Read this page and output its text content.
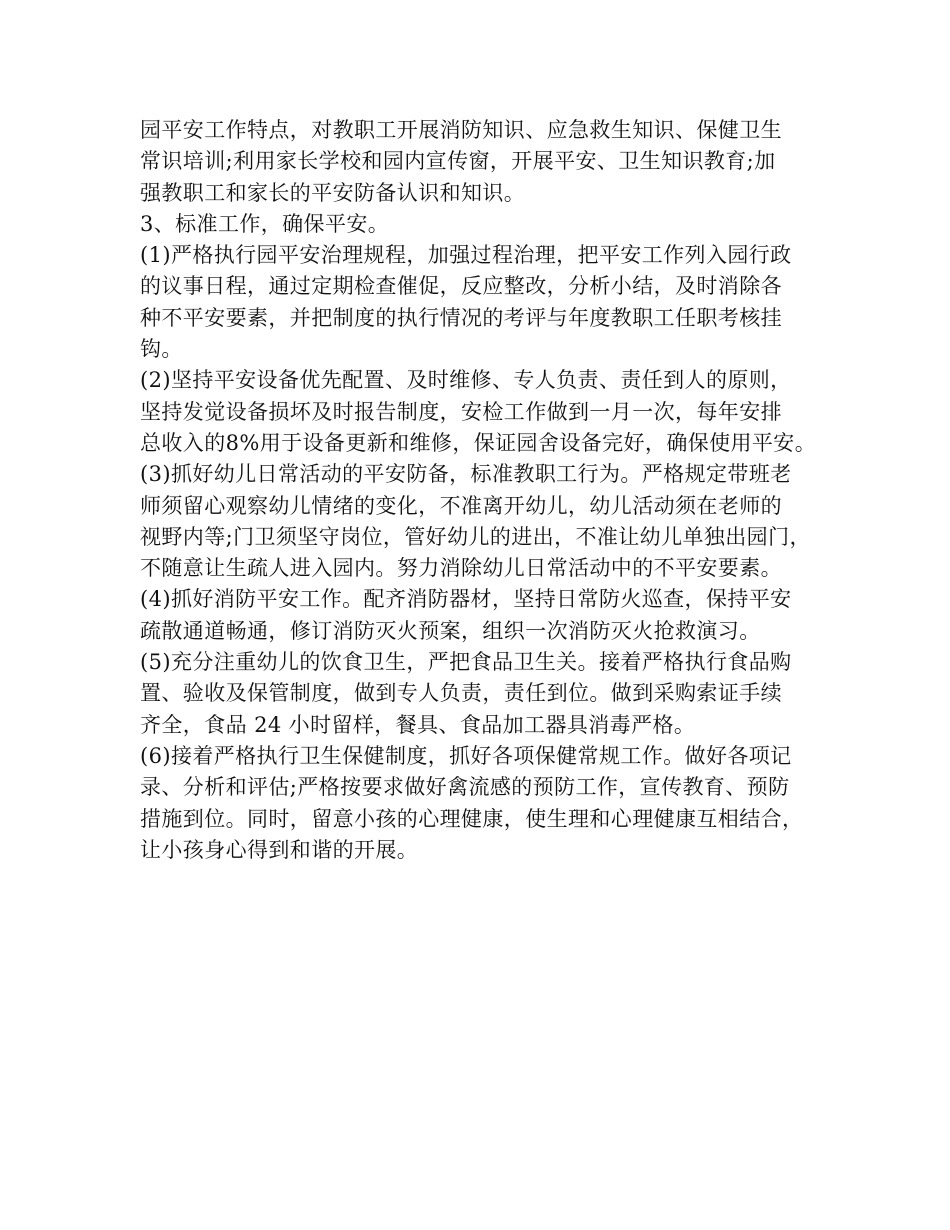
园平安工作特点，对教职工开展消防知识、应急救生知识、保健卫生
常识培训;利用家长学校和园内宣传窗，开展平安、卫生知识教育;加
强教职工和家长的平安防备认识和知识。
3、标准工作，确保平安。
(1)严格执行园平安治理规程，加强过程治理，把平安工作列入园行政
的议事日程，通过定期检查催促，反应整改，分析小结，及时消除各
种不平安要素，并把制度的执行情况的考评与年度教职工任职考核挂
钩。
(2)坚持平安设备优先配置、及时维修、专人负责、责任到人的原则，
坚持发觉设备损坏及时报告制度，安检工作做到一月一次，每年安排
总收入的8%用于设备更新和维修，保证园舍设备完好，确保使用平安。
(3)抓好幼儿日常活动的平安防备，标准教职工行为。严格规定带班老
师须留心观察幼儿情绪的变化，不准离开幼儿，幼儿活动须在老师的
视野内等;门卫须坚守岗位，管好幼儿的进出，不准让幼儿单独出园门，
不随意让生疏人进入园内。努力消除幼儿日常活动中的不平安要素。
(4)抓好消防平安工作。配齐消防器材，坚持日常防火巡查，保持平安
疏散通道畅通，修订消防灭火预案，组织一次消防灭火抢救演习。
(5)充分注重幼儿的饮食卫生，严把食品卫生关。接着严格执行食品购
置、验收及保管制度，做到专人负责，责任到位。做到采购索证手续
齐全，食品 24 小时留样，餐具、食品加工器具消毒严格。
(6)接着严格执行卫生保健制度，抓好各项保健常规工作。做好各项记
录、分析和评估;严格按要求做好禽流感的预防工作，宣传教育、预防
措施到位。同时，留意小孩的心理健康，使生理和心理健康互相结合，
让小孩身心得到和谐的开展。
